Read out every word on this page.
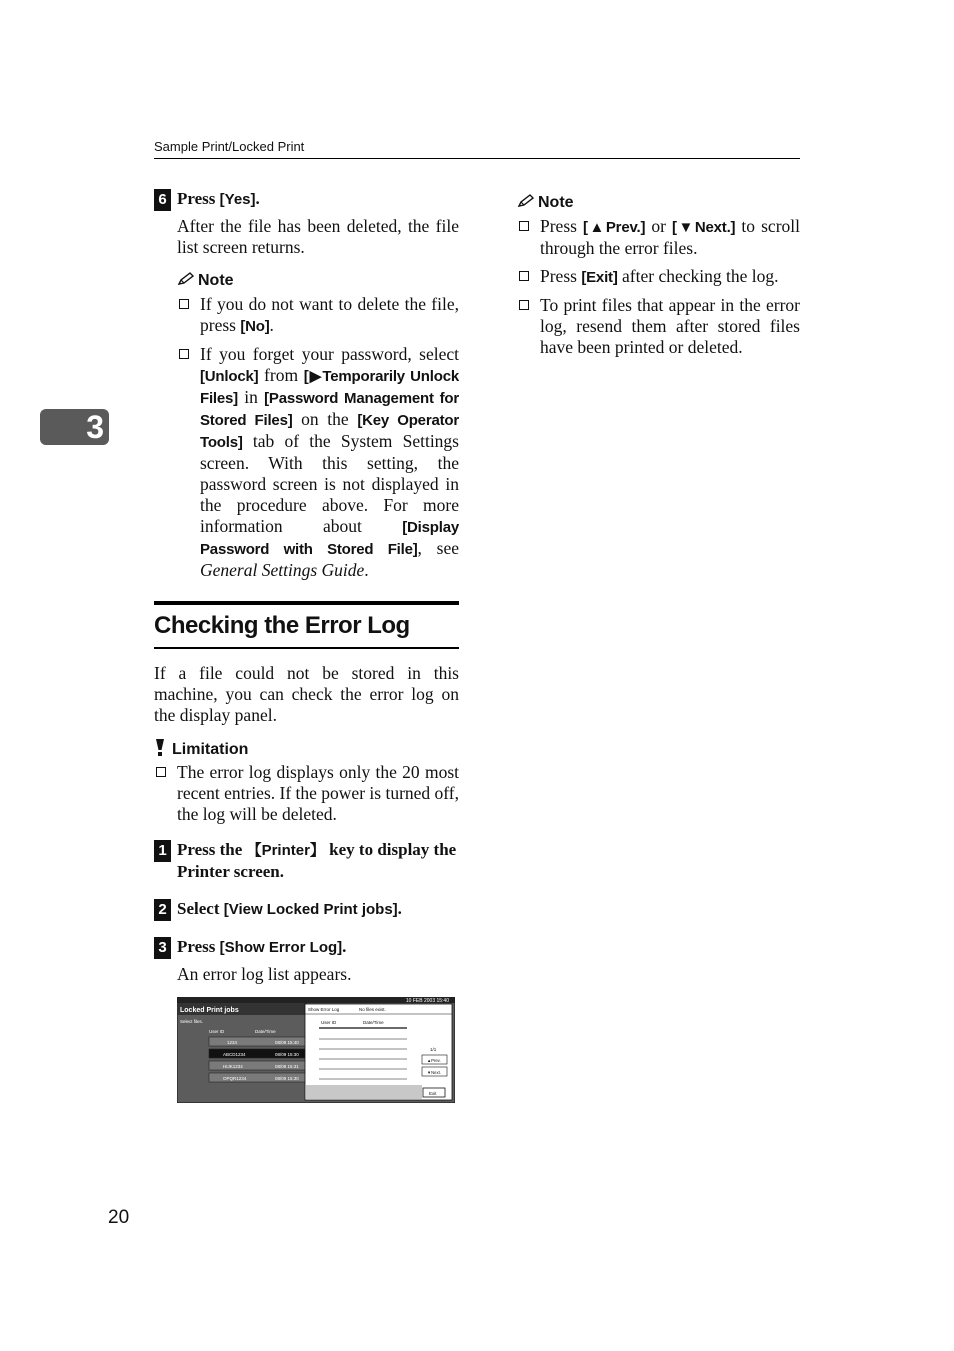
Sample Print/Locked Print
3
6 Press [Yes].
After the file has been deleted, the file list screen returns.
Note
If you do not want to delete the file, press [No].
If you forget your password, select [Unlock] from [▶Temporarily Unlock Files] in [Password Management for Stored Files] on the [Key Operator Tools] tab of the System Settings screen. With this setting, the password screen is not displayed in the procedure above. For more information about [Display Password with Stored File], see General Settings Guide.
Checking the Error Log
If a file could not be stored in this machine, you can check the error log on the display panel.
Limitation
The error log displays only the 20 most recent entries. If the power is turned off, the log will be deleted.
1 Press the 【Printer】 key to display the Printer screen.
2 Select [View Locked Print jobs].
3 Press [Show Error Log].
An error log list appears.
10 FEB 2003 15:40
Locked Print jobs
Select files.
User ID	Date/Time
1234	08/09 15:40
ABCD1234	08/09 15:30
HIJK1234	08/09 15:31
OPQR1234	08/09 15:30
Show Error Log	No files exist.
User ID	Date/Time
1/1
▲Prev.
▼Next.
Exit
Note
Press [▲Prev.] or [▼Next.] to scroll through the error files.
Press [Exit] after checking the log.
To print files that appear in the error log, resend them after stored files have been printed or deleted.
20
